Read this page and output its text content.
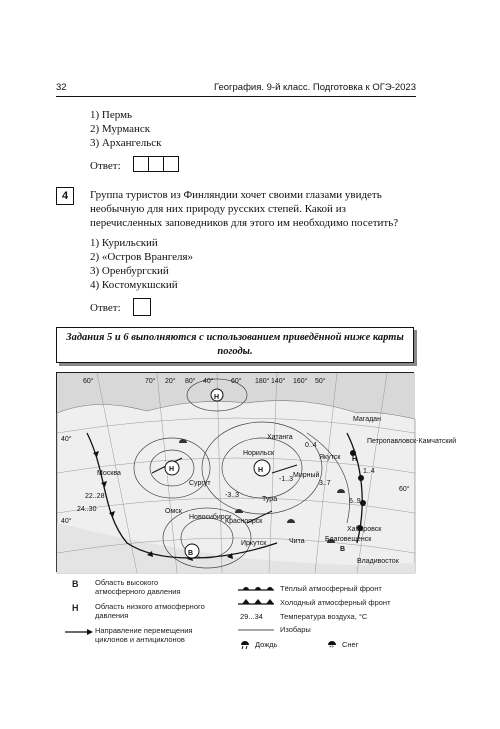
32	География. 9-й класс. Подготовка к ОГЭ-2023
1) Пермь
2) Мурманск
3) Архангельск
Ответ:
4	Группа туристов из Финляндии хочет своими глазами увидеть необычную для них природу русских степей. Какой из перечисленных заповедников для этого им необходимо посетить?
1) Курильский
2) «Остров Врангеля»
3) Оренбургский
4) Костомукшский
Ответ:
Задания 5 и 6 выполняются с использованием приведённой ниже карты погоды.
60°	70° 20° 80° 40° 60° 180° 140° 160° 50°
40°
60°
40°
H	H
H
H
B
B
Хатанга
Норильск
Тура
Сургут
Москва
Красноярск
Иркутск	Чита	Благовещенск
Хабаровск
Владивосток
Петропавловск-Камчатский
Магадан
Якутск
Мирный
Омск
Новосибирск
22..28
24..30
-1..3
-3..3
6..9
3..7
1..4
0..4
В Область высокого атмосферного давления
Н Область низкого атмосферного давления
Направление перемещения циклонов и антициклонов
Тёплый атмосферный фронт
Холодный атмосферный фронт
29...34 Температура воздуха, °С
Изобары
Дождь	** Снег
